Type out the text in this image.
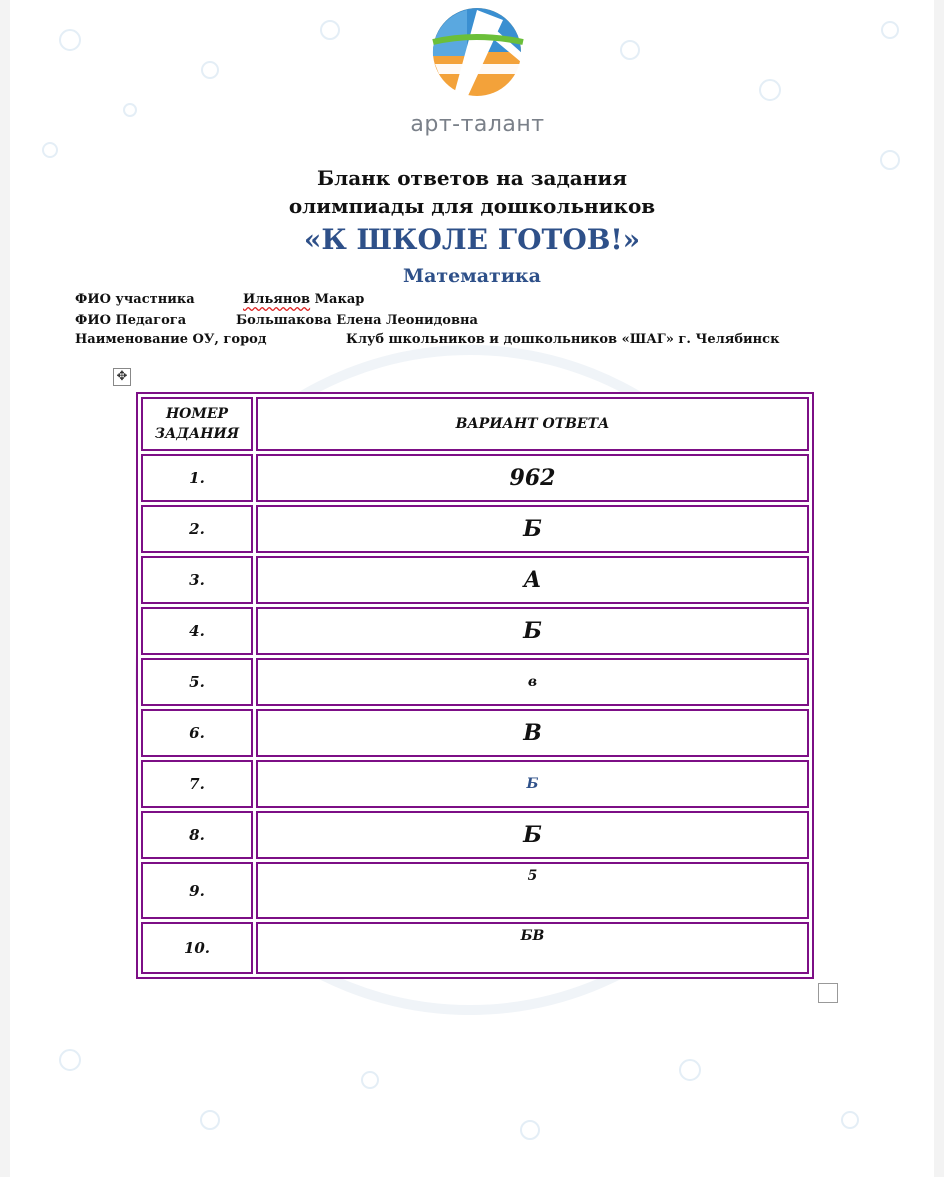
арт-талант
Бланк ответов на задания
олимпиады для дошкольников
«К ШКОЛЕ ГОТОВ!»
Математика
ФИО участника	Ильянов Макар
ФИО Педагога	Большакова Елена Леонидовна
Наименование ОУ, город	Клуб школьников и дошкольников «ШАГ» г. Челябинск
✥
НОМЕР
ЗАДАНИЯ	ВАРИАНТ ОТВЕТА
1.	962
2.	Б
3.	А
4.	Б
5.	в
6.	В
7.	Б
8.	Б
9.	5
10.	БВ
